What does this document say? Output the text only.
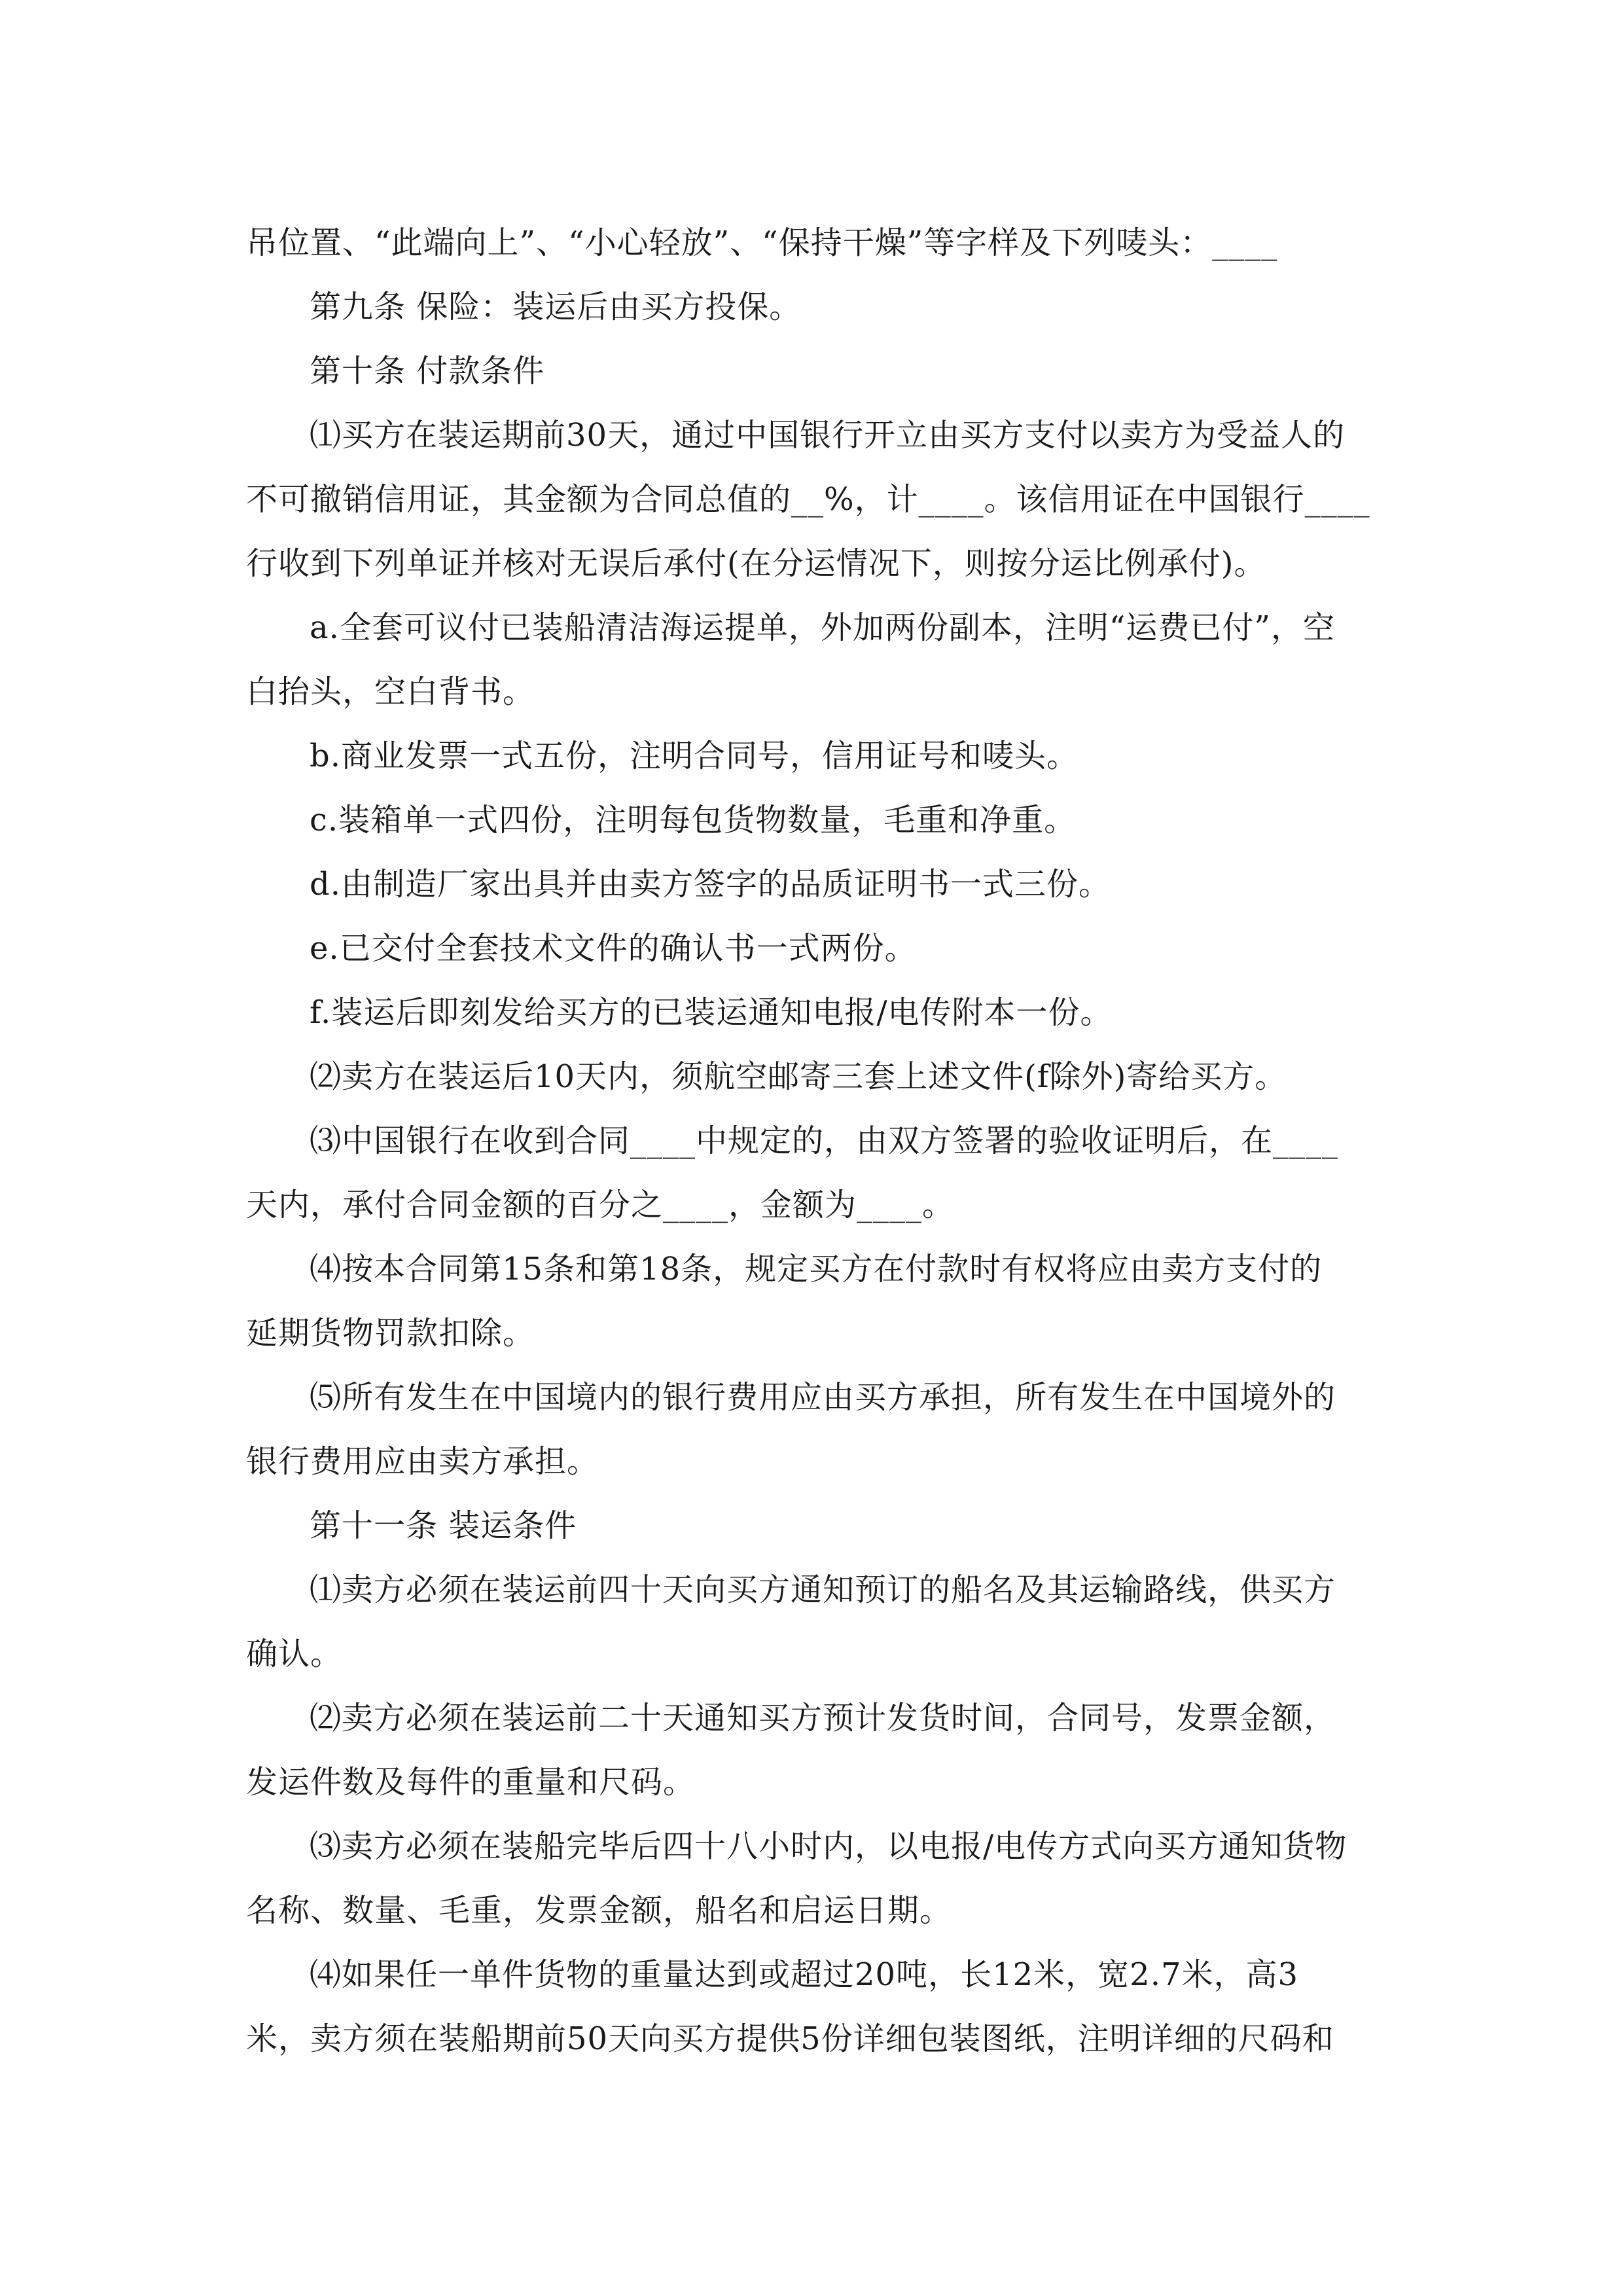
吊位置、“此端向上”、“小心轻放”、“保持干燥”等字样及下列唛头：____
第九条 保险：装运后由买方投保。
第十条 付款条件
⑴买方在装运期前30天，通过中国银行开立由买方支付以卖方为受益人的
不可撤销信用证，其金额为合同总值的__%，计____。该信用证在中国银行____
行收到下列单证并核对无误后承付(在分运情况下，则按分运比例承付)。
a.全套可议付已装船清洁海运提单，外加两份副本，注明“运费已付”，空
白抬头，空白背书。
b.商业发票一式五份，注明合同号，信用证号和唛头。
c.装箱单一式四份，注明每包货物数量，毛重和净重。
d.由制造厂家出具并由卖方签字的品质证明书一式三份。
e.已交付全套技术文件的确认书一式两份。
f.装运后即刻发给买方的已装运通知电报/电传附本一份。
⑵卖方在装运后10天内，须航空邮寄三套上述文件(f除外)寄给买方。
⑶中国银行在收到合同____中规定的，由双方签署的验收证明后，在____
天内，承付合同金额的百分之____，金额为____。
⑷按本合同第15条和第18条，规定买方在付款时有权将应由卖方支付的
延期货物罚款扣除。
⑸所有发生在中国境内的银行费用应由买方承担，所有发生在中国境外的
银行费用应由卖方承担。
第十一条 装运条件
⑴卖方必须在装运前四十天向买方通知预订的船名及其运输路线，供买方
确认。
⑵卖方必须在装运前二十天通知买方预计发货时间，合同号，发票金额，
发运件数及每件的重量和尺码。
⑶卖方必须在装船完毕后四十八小时内，以电报/电传方式向买方通知货物
名称、数量、毛重，发票金额，船名和启运日期。
⑷如果任一单件货物的重量达到或超过20吨，长12米，宽2.7米，高3
米，卖方须在装船期前50天向买方提供5份详细包装图纸，注明详细的尺码和
